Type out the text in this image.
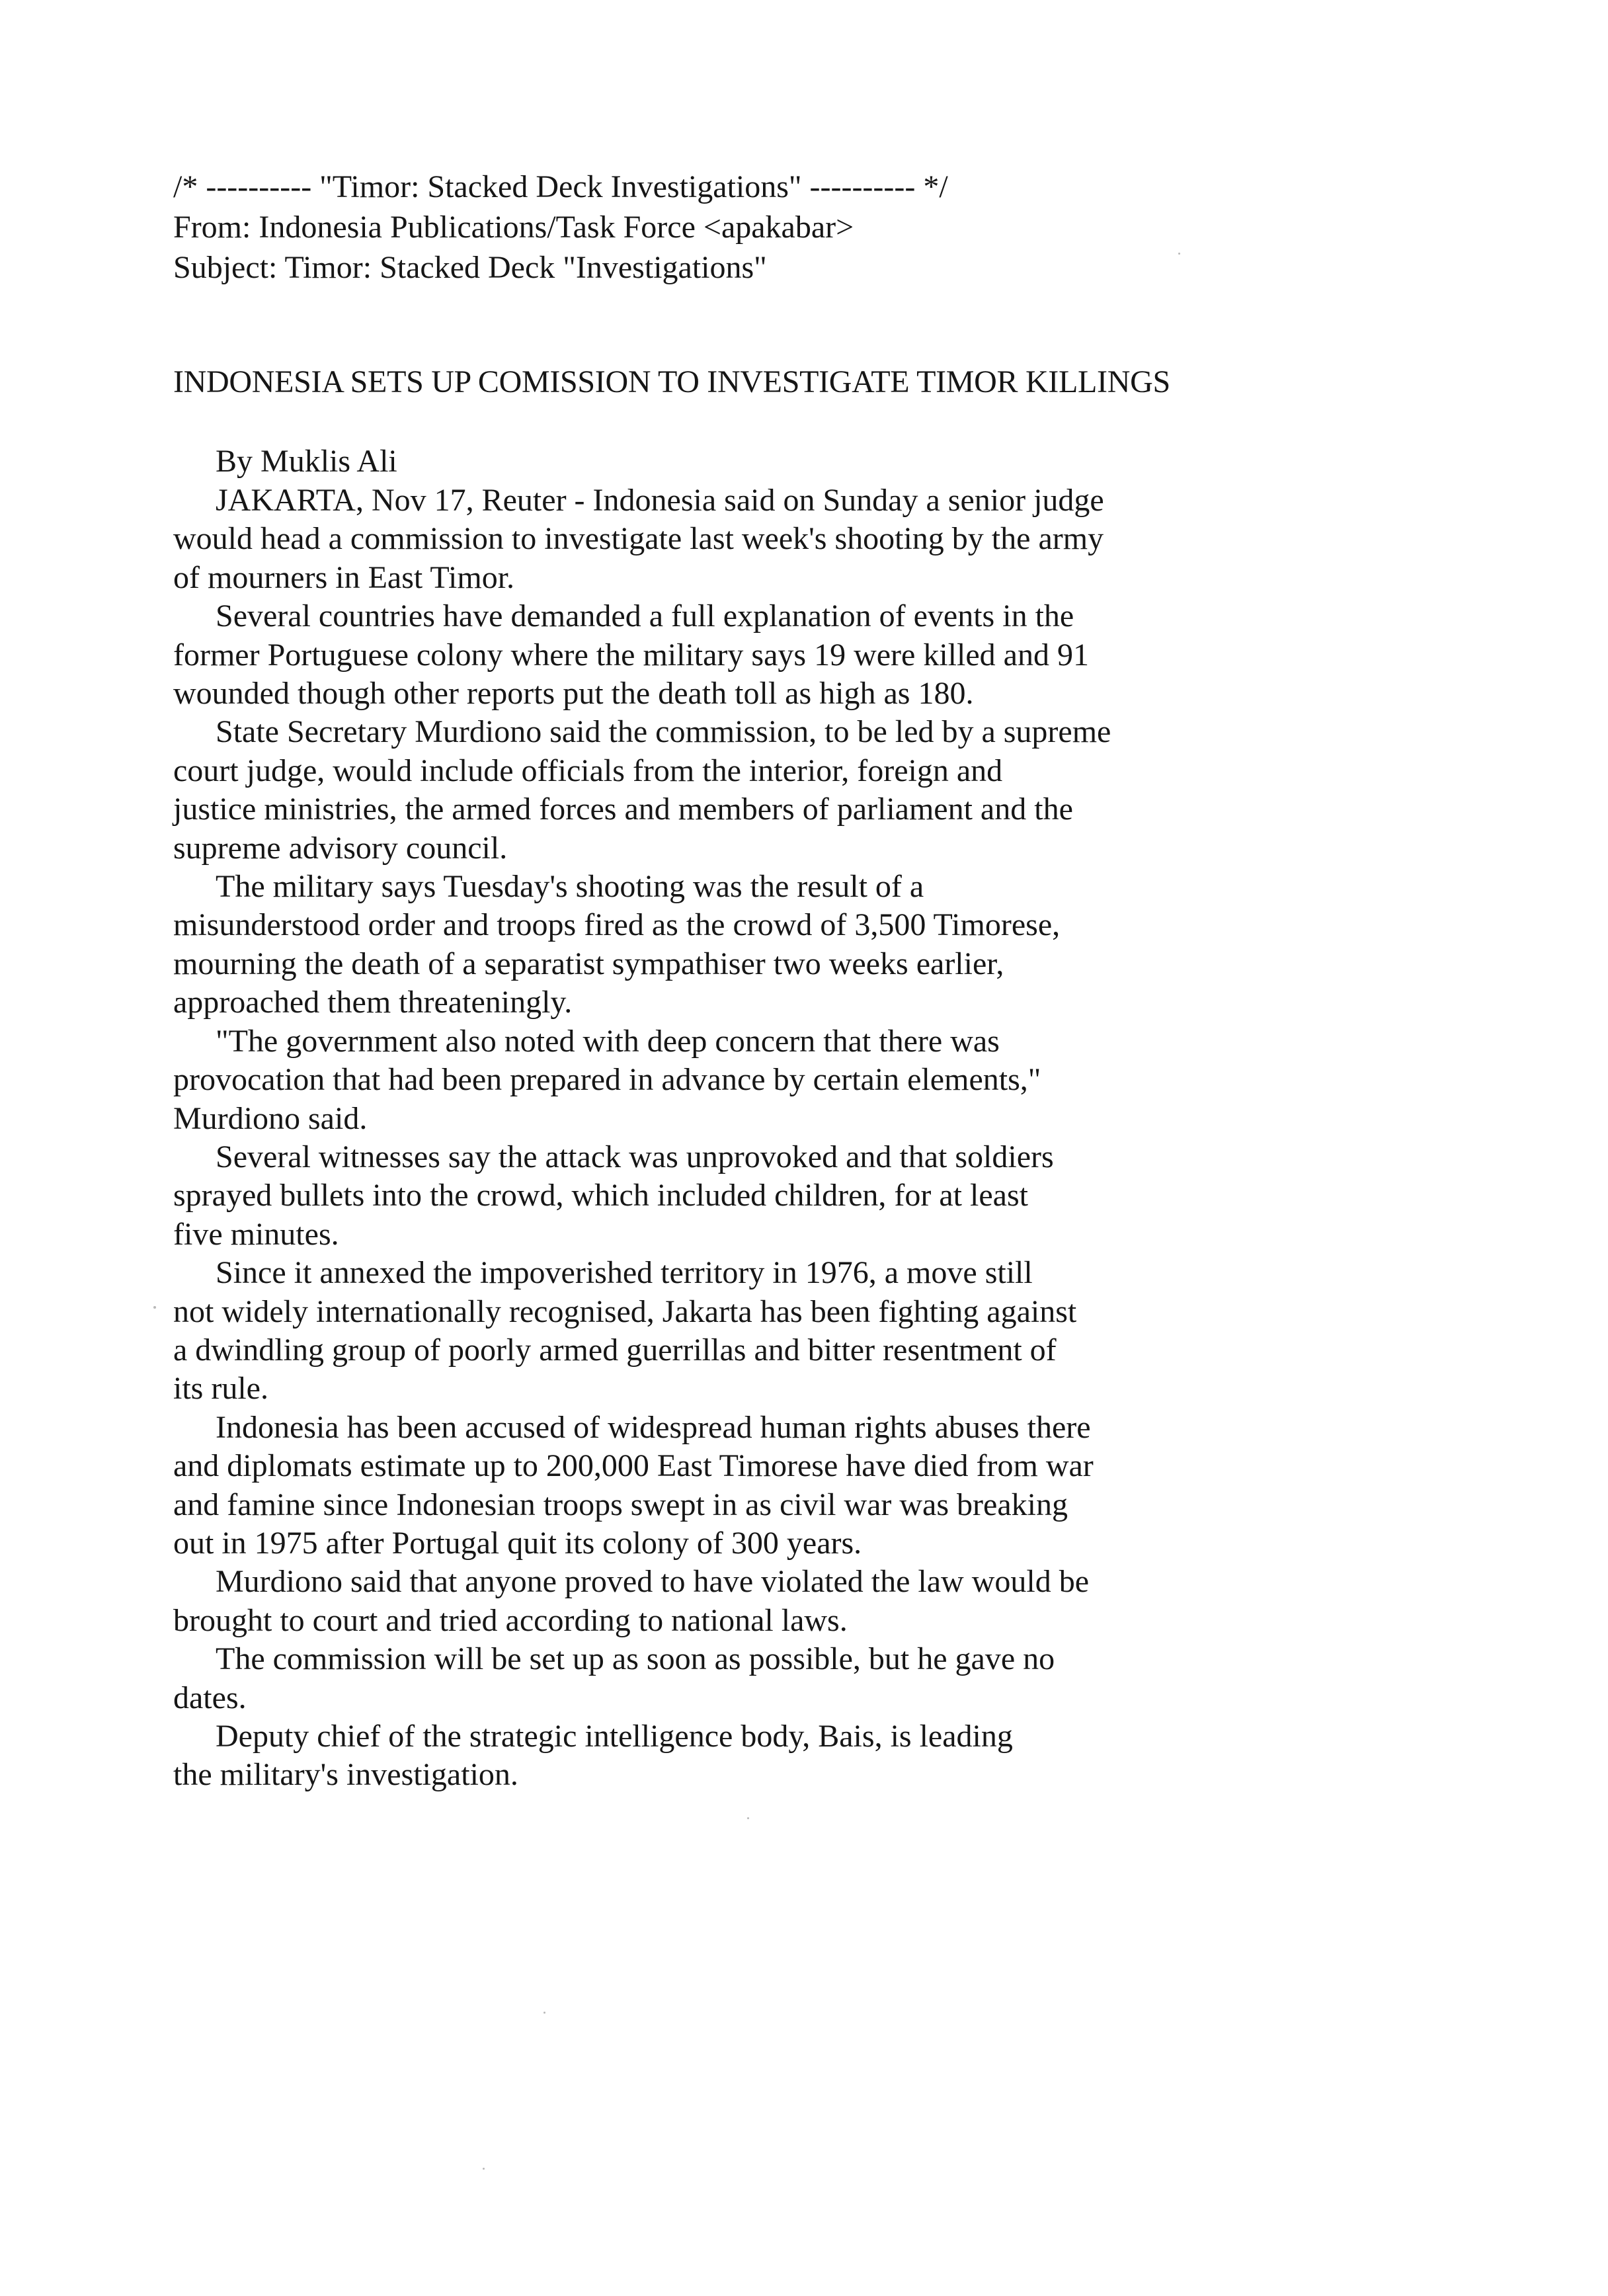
/* ---------- "Timor: Stacked Deck Investigations" ---------- */
From: Indonesia Publications/Task Force <apakabar>
Subject: Timor: Stacked Deck "Investigations"
INDONESIA SETS UP COMISSION TO INVESTIGATE TIMOR KILLINGS
By Muklis Ali
JAKARTA, Nov 17, Reuter - Indonesia said on Sunday a senior judge
would head a commission to investigate last week's shooting by the army
of mourners in East Timor.
Several countries have demanded a full explanation of events in the
former Portuguese colony where the military says 19 were killed and 91
wounded though other reports put the death toll as high as 180.
State Secretary Murdiono said the commission, to be led by a supreme
court judge, would include officials from the interior, foreign and
justice ministries, the armed forces and members of parliament and the
supreme advisory council.
The military says Tuesday's shooting was the result of a
misunderstood order and troops fired as the crowd of 3,500 Timorese,
mourning the death of a separatist sympathiser two weeks earlier,
approached them threateningly.
"The government also noted with deep concern that there was
provocation that had been prepared in advance by certain elements,"
Murdiono said.
Several witnesses say the attack was unprovoked and that soldiers
sprayed bullets into the crowd, which included children, for at least
five minutes.
Since it annexed the impoverished territory in 1976, a move still
not widely internationally recognised, Jakarta has been fighting against
a dwindling group of poorly armed guerrillas and bitter resentment of
its rule.
Indonesia has been accused of widespread human rights abuses there
and diplomats estimate up to 200,000 East Timorese have died from war
and famine since Indonesian troops swept in as civil war was breaking
out in 1975 after Portugal quit its colony of 300 years.
Murdiono said that anyone proved to have violated the law would be
brought to court and tried according to national laws.
The commission will be set up as soon as possible, but he gave no
dates.
Deputy chief of the strategic intelligence body, Bais, is leading
the military's investigation.
